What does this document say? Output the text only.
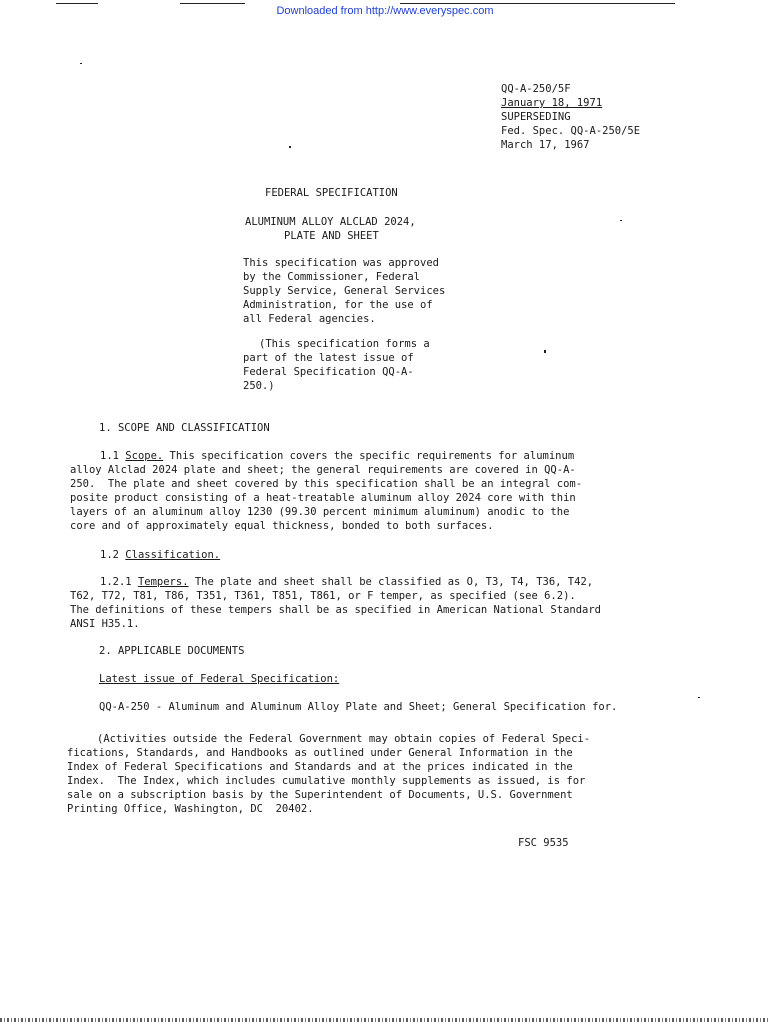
Downloaded from http://www.everyspec.com
QQ-A-250/5F
January 18, 1971
SUPERSEDING
Fed. Spec. QQ-A-250/5E
March 17, 1967
FEDERAL SPECIFICATION
ALUMINUM ALLOY ALCLAD 2024,
PLATE AND SHEET
This specification was approved
by the Commissioner, Federal
Supply Service, General Services
Administration, for the use of
all Federal agencies.
(This specification forms a
part of the latest issue of
Federal Specification QQ-A-
250.)
1. SCOPE AND CLASSIFICATION
1.1 Scope. This specification covers the specific requirements for aluminum
alloy Alclad 2024 plate and sheet; the general requirements are covered in QQ-A-
250.  The plate and sheet covered by this specification shall be an integral com-
posite product consisting of a heat-treatable aluminum alloy 2024 core with thin
layers of an aluminum alloy 1230 (99.30 percent minimum aluminum) anodic to the
core and of approximately equal thickness, bonded to both surfaces.
1.2 Classification.
1.2.1 Tempers. The plate and sheet shall be classified as O, T3, T4, T36, T42,
T62, T72, T81, T86, T351, T361, T851, T861, or F temper, as specified (see 6.2).
The definitions of these tempers shall be as specified in American National Standard
ANSI H35.1.
2. APPLICABLE DOCUMENTS
Latest issue of Federal Specification:
QQ-A-250 - Aluminum and Aluminum Alloy Plate and Sheet; General Specification for.
(Activities outside the Federal Government may obtain copies of Federal Speci-
fications, Standards, and Handbooks as outlined under General Information in the
Index of Federal Specifications and Standards and at the prices indicated in the
Index.  The Index, which includes cumulative monthly supplements as issued, is for
sale on a subscription basis by the Superintendent of Documents, U.S. Government
Printing Office, Washington, DC  20402.
FSC 9535
